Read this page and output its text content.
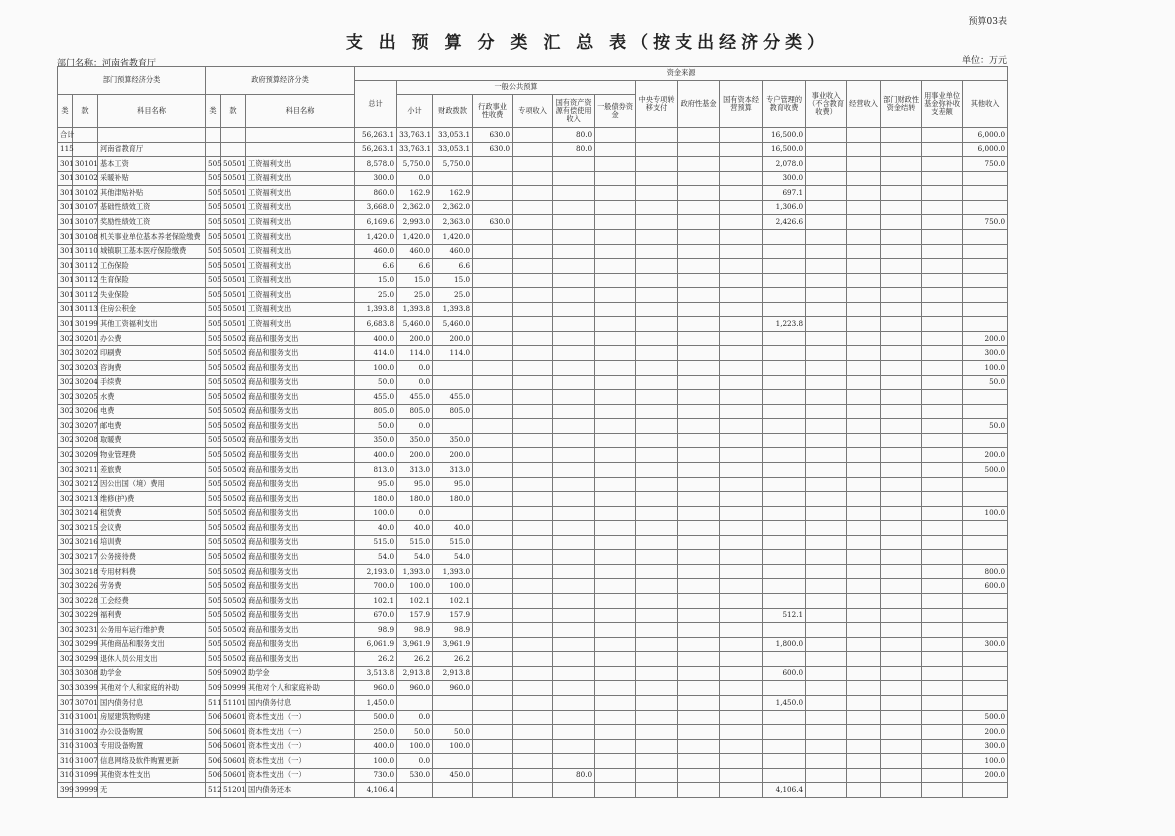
预算03表
支 出 预 算 分 类 汇 总 表（按支出经济分类）
部门名称：河南省教育厅	单位：万元
部门预算经济分类			政府预算经济分类			资金来源															
						总计	一般公共预算						中央专项转移支付	政府性基金	国有资本经营预算	专户管理的教育收费	事业收入（不含教育收费）	经营收入	部门财政性资金结转	用事业单位基金弥补收支差额	其他收入
类	款	科目名称	类	款	科目名称		小计	财政拨款	行政事业性收费	专项收入	国有资产资源有偿使用收入	一般债券资金									
合计						56,263.1	33,763.1	33,053.1	630.0		80.0					16,500.0					6,000.0
115		河南省教育厅				56,263.1	33,763.1	33,053.1	630.0		80.0					16,500.0					6,000.0
301	30101	基本工资	505	50501	工资福利支出	8,578.0	5,750.0	5,750.0								2,078.0					750.0
301	30102	采暖补贴	505	50501	工资福利支出	300.0	0.0									300.0					
301	30102	其他津贴补贴	505	50501	工资福利支出	860.0	162.9	162.9								697.1					
301	30107	基础性绩效工资	505	50501	工资福利支出	3,668.0	2,362.0	2,362.0								1,306.0					
301	30107	奖励性绩效工资	505	50501	工资福利支出	6,169.6	2,993.0	2,363.0	630.0							2,426.6					750.0
301	30108	机关事业单位基本养老保险缴费	505	50501	工资福利支出	1,420.0	1,420.0	1,420.0													
301	30110	城镇职工基本医疗保险缴费	505	50501	工资福利支出	460.0	460.0	460.0													
301	30112	工伤保险	505	50501	工资福利支出	6.6	6.6	6.6													
301	30112	生育保险	505	50501	工资福利支出	15.0	15.0	15.0													
301	30112	失业保险	505	50501	工资福利支出	25.0	25.0	25.0													
301	30113	住房公积金	505	50501	工资福利支出	1,393.8	1,393.8	1,393.8													
301	30199	其他工资福利支出	505	50501	工资福利支出	6,683.8	5,460.0	5,460.0								1,223.8					
302	30201	办公费	505	50502	商品和服务支出	400.0	200.0	200.0													200.0
302	30202	印刷费	505	50502	商品和服务支出	414.0	114.0	114.0													300.0
302	30203	咨询费	505	50502	商品和服务支出	100.0	0.0														100.0
302	30204	手续费	505	50502	商品和服务支出	50.0	0.0														50.0
302	30205	水费	505	50502	商品和服务支出	455.0	455.0	455.0													
302	30206	电费	505	50502	商品和服务支出	805.0	805.0	805.0													
302	30207	邮电费	505	50502	商品和服务支出	50.0	0.0														50.0
302	30208	取暖费	505	50502	商品和服务支出	350.0	350.0	350.0													
302	30209	物业管理费	505	50502	商品和服务支出	400.0	200.0	200.0													200.0
302	30211	差旅费	505	50502	商品和服务支出	813.0	313.0	313.0													500.0
302	30212	因公出国（境）费用	505	50502	商品和服务支出	95.0	95.0	95.0													
302	30213	维修(护)费	505	50502	商品和服务支出	180.0	180.0	180.0													
302	30214	租赁费	505	50502	商品和服务支出	100.0	0.0														100.0
302	30215	会议费	505	50502	商品和服务支出	40.0	40.0	40.0													
302	30216	培训费	505	50502	商品和服务支出	515.0	515.0	515.0													
302	30217	公务接待费	505	50502	商品和服务支出	54.0	54.0	54.0													
302	30218	专用材料费	505	50502	商品和服务支出	2,193.0	1,393.0	1,393.0													800.0
302	30226	劳务费	505	50502	商品和服务支出	700.0	100.0	100.0													600.0
302	30228	工会经费	505	50502	商品和服务支出	102.1	102.1	102.1													
302	30229	福利费	505	50502	商品和服务支出	670.0	157.9	157.9								512.1					
302	30231	公务用车运行维护费	505	50502	商品和服务支出	98.9	98.9	98.9													
302	30299	其他商品和服务支出	505	50502	商品和服务支出	6,061.9	3,961.9	3,961.9								1,800.0					300.0
302	30299	退休人员公用支出	505	50502	商品和服务支出	26.2	26.2	26.2													
303	30308	助学金	509	50902	助学金	3,513.8	2,913.8	2,913.8								600.0					
303	30399	其他对个人和家庭的补助	509	50999	其他对个人和家庭补助	960.0	960.0	960.0													
307	30701	国内债务付息	511	51101	国内债务付息	1,450.0										1,450.0					
310	31001	房屋建筑物购建	506	50601	资本性支出（一）	500.0	0.0														500.0
310	31002	办公设备购置	506	50601	资本性支出（一）	250.0	50.0	50.0													200.0
310	31003	专用设备购置	506	50601	资本性支出（一）	400.0	100.0	100.0													300.0
310	31007	信息网络及软件购置更新	506	50601	资本性支出（一）	100.0	0.0														100.0
310	31099	其他资本性支出	506	50601	资本性支出（一）	730.0	530.0	450.0			80.0										200.0
399	39999	无	512	51201	国内债务还本	4,106.4										4,106.4					
